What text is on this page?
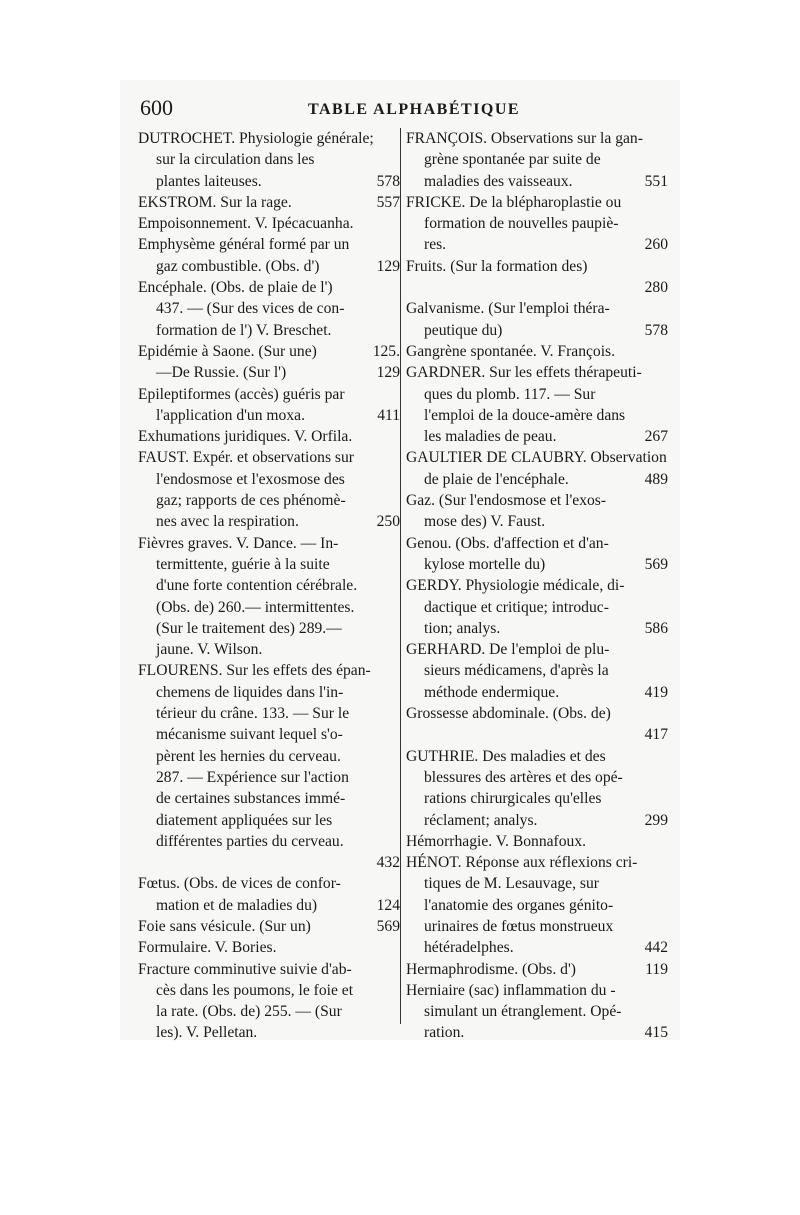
600	TABLE ALPHABÉTIQUE
DUTROCHET. Physiologie générale;
sur la circulation dans les
plantes laiteuses.	578
EKSTROM. Sur la rage.	557
Empoisonnement. V. Ipécacuanha.
Emphysème général formé par un
gaz combustible. (Obs. d')	129
Encéphale. (Obs. de plaie de l')
437. — (Sur des vices de con-
formation de l') V. Breschet.
Epidémie à Saone. (Sur une)	125.
—De Russie. (Sur l')	129
Epileptiformes (accès) guéris par
l'application d'un moxa.	411
Exhumations juridiques. V. Orfila.
FAUST. Expér. et observations sur
l'endosmose et l'exosmose des
gaz; rapports de ces phénomè-
nes avec la respiration.	250
Fièvres graves. V. Dance. — In-
termittente, guérie à la suite
d'une forte contention cérébrale.
(Obs. de) 260.— intermittentes.
(Sur le traitement des) 289.—
jaune. V. Wilson.
FLOURENS. Sur les effets des épan-
chemens de liquides dans l'in-
térieur du crâne. 133. — Sur le
mécanisme suivant lequel s'o-
pèrent les hernies du cerveau.
287. — Expérience sur l'action
de certaines substances immé-
diatement appliquées sur les
différentes parties du cerveau.
432
Fœtus. (Obs. de vices de confor-
mation et de maladies du)	124
Foie sans vésicule. (Sur un)	569
Formulaire. V. Bories.
Fracture comminutive suivie d'ab-
cès dans les poumons, le foie et
la rate. (Obs. de) 255. — (Sur
les). V. Pelletan.
FRANÇOIS. Observations sur la gan-
grène spontanée par suite de
maladies des vaisseaux.	551
FRICKE. De la blépharoplastie ou
formation de nouvelles paupiè-
res.	260
Fruits. (Sur la formation des)
280
Galvanisme. (Sur l'emploi théra-
peutique du)	578
Gangrène spontanée. V. François.
GARDNER. Sur les effets thérapeuti-
ques du plomb. 117. — Sur
l'emploi de la douce-amère dans
les maladies de peau.	267
GAULTIER DE CLAUBRY. Observation
de plaie de l'encéphale.	489
Gaz. (Sur l'endosmose et l'exos-
mose des) V. Faust.
Genou. (Obs. d'affection et d'an-
kylose mortelle du)	569
GERDY. Physiologie médicale, di-
dactique et critique; introduc-
tion; analys.	586
GERHARD. De l'emploi de plu-
sieurs médicamens, d'après la
méthode endermique.	419
Grossesse abdominale. (Obs. de)
417
GUTHRIE. Des maladies et des
blessures des artères et des opé-
rations chirurgicales qu'elles
réclament; analys.	299
Hémorrhagie. V. Bonnafoux.
HÉNOT. Réponse aux réflexions cri-
tiques de M. Lesauvage, sur
l'anatomie des organes génito-
urinaires de fœtus monstrueux
hétéradelphes.	442
Hermaphrodisme. (Obs. d')	119
Herniaire (sac) inflammation du -
simulant un étranglement. Opé-
ration.	415
